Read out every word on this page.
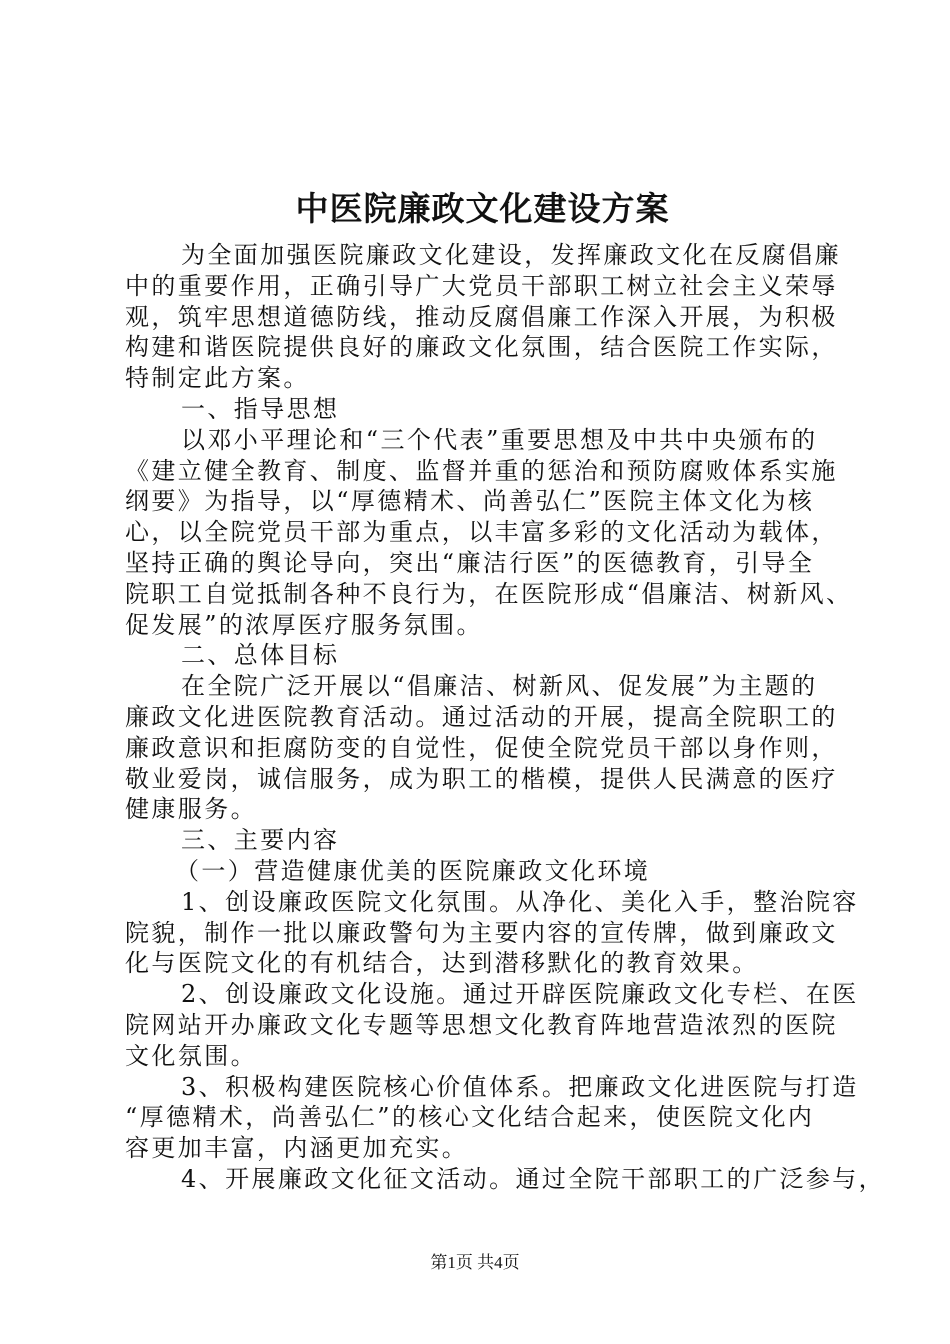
中医院廉政文化建设方案
为全面加强医院廉政文化建设，发挥廉政文化在反腐倡廉
中的重要作用，正确引导广大党员干部职工树立社会主义荣辱
观，筑牢思想道德防线，推动反腐倡廉工作深入开展，为积极
构建和谐医院提供良好的廉政文化氛围，结合医院工作实际，
特制定此方案。
一、指导思想
以邓小平理论和“三个代表”重要思想及中共中央颁布的
《建立健全教育、制度、监督并重的惩治和预防腐败体系实施
纲要》为指导，以“厚德精术、尚善弘仁”医院主体文化为核
心，以全院党员干部为重点，以丰富多彩的文化活动为载体，
坚持正确的舆论导向，突出“廉洁行医”的医德教育，引导全
院职工自觉抵制各种不良行为，在医院形成“倡廉洁、树新风、
促发展”的浓厚医疗服务氛围。
二、总体目标
在全院广泛开展以“倡廉洁、树新风、促发展”为主题的
廉政文化进医院教育活动。通过活动的开展，提高全院职工的
廉政意识和拒腐防变的自觉性，促使全院党员干部以身作则，
敬业爱岗，诚信服务，成为职工的楷模，提供人民满意的医疗
健康服务。
三、主要内容
（一）营造健康优美的医院廉政文化环境
1、创设廉政医院文化氛围。从净化、美化入手，整治院容
院貌，制作一批以廉政警句为主要内容的宣传牌，做到廉政文
化与医院文化的有机结合，达到潜移默化的教育效果。
2、创设廉政文化设施。通过开辟医院廉政文化专栏、在医
院网站开办廉政文化专题等思想文化教育阵地营造浓烈的医院
文化氛围。
3、积极构建医院核心价值体系。把廉政文化进医院与打造
“厚德精术，尚善弘仁”的核心文化结合起来，使医院文化内
容更加丰富，内涵更加充实。
4、开展廉政文化征文活动。通过全院干部职工的广泛参与，
第1页 共4页
